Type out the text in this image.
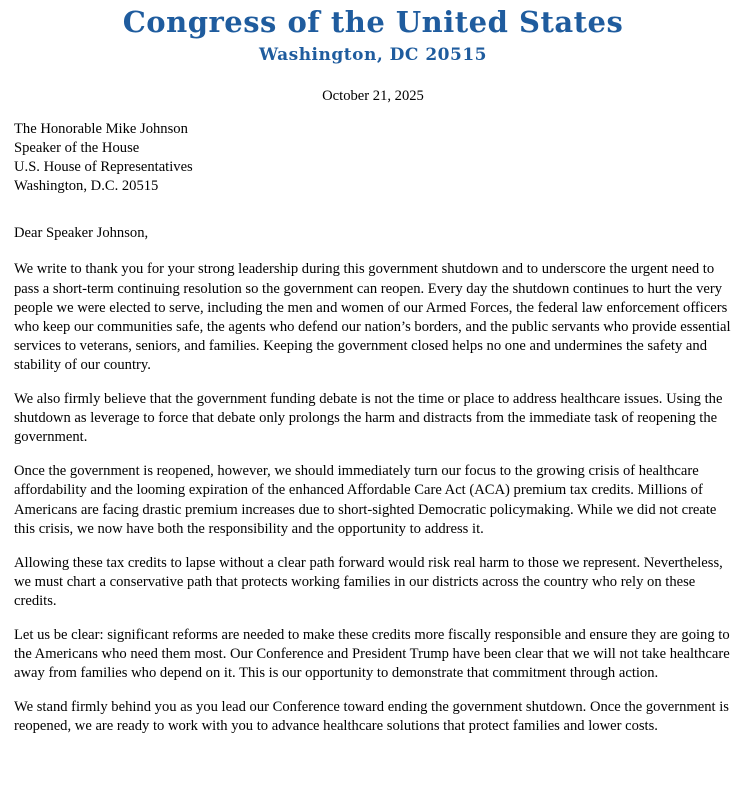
Congress of the United States
Washington, DC 20515
October 21, 2025
The Honorable Mike Johnson
Speaker of the House
U.S. House of Representatives
Washington, D.C. 20515
Dear Speaker Johnson,

We write to thank you for your strong leadership during this government shutdown and to underscore the urgent need to pass a short-term continuing resolution so the government can reopen. Every day the shutdown continues to hurt the very people we were elected to serve, including the men and women of our Armed Forces, the federal law enforcement officers who keep our communities safe, the agents who defend our nation’s borders, and the public servants who provide essential services to veterans, seniors, and families. Keeping the government closed helps no one and undermines the safety and stability of our country.

We also firmly believe that the government funding debate is not the time or place to address healthcare issues. Using the shutdown as leverage to force that debate only prolongs the harm and distracts from the immediate task of reopening the government.

Once the government is reopened, however, we should immediately turn our focus to the growing crisis of healthcare affordability and the looming expiration of the enhanced Affordable Care Act (ACA) premium tax credits. Millions of Americans are facing drastic premium increases due to short-sighted Democratic policymaking. While we did not create this crisis, we now have both the responsibility and the opportunity to address it.

Allowing these tax credits to lapse without a clear path forward would risk real harm to those we represent. Nevertheless, we must chart a conservative path that protects working families in our districts across the country who rely on these credits.

Let us be clear: significant reforms are needed to make these credits more fiscally responsible and ensure they are going to the Americans who need them most. Our Conference and President Trump have been clear that we will not take healthcare away from families who depend on it. This is our opportunity to demonstrate that commitment through action.

We stand firmly behind you as you lead our Conference toward ending the government shutdown. Once the government is reopened, we are ready to work with you to advance healthcare solutions that protect families and lower costs.
